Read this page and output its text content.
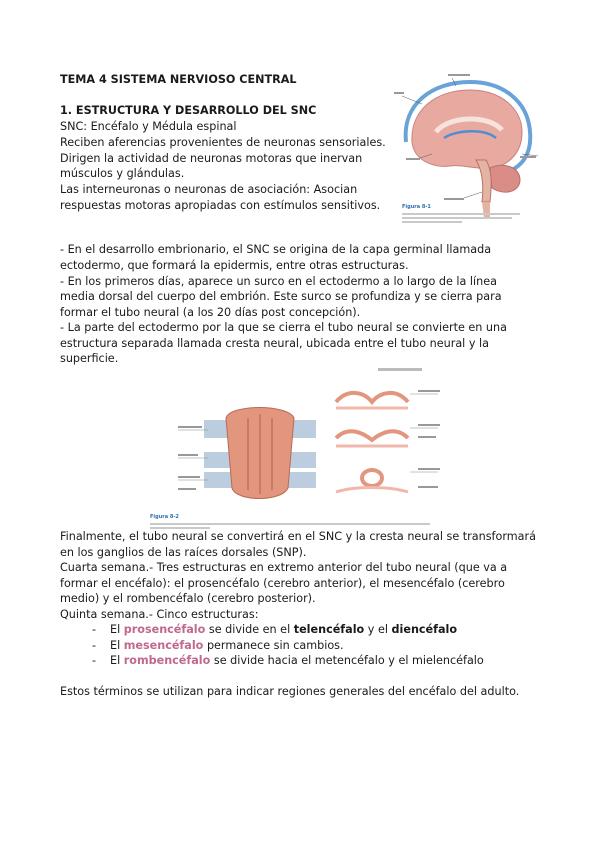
TEMA 4 SISTEMA NERVIOSO CENTRAL
1. ESTRUCTURA Y DESARROLLO DEL SNC
SNC: Encéfalo y Médula espinal
Reciben aferencias provenientes de neuronas sensoriales.
Dirigen la actividad de neuronas motoras que inervan
músculos y glándulas.
Las interneuronas o neuronas de asociación: Asocian
respuestas motoras apropiadas con estímulos sensitivos.	Figura 8-1
- En el desarrollo embrionario, el SNC se origina de la capa germinal llamada
ectodermo, que formará la epidermis, entre otras estructuras.
- En los primeros días, aparece un surco en el ectodermo a lo largo de la línea
media dorsal del cuerpo del embrión. Este surco se profundiza y se cierra para
formar el tubo neural (a los 20 días post concepción).
- La parte del ectodermo por la que se cierra el tubo neural se convierte en una
estructura separada llamada cresta neural, ubicada entre el tubo neural y la
superficie.
Figura 8-2
Finalmente, el tubo neural se convertirá en el SNC y la cresta neural se transformará
en los ganglios de las raíces dorsales (SNP).
Cuarta semana.- Tres estructuras en extremo anterior del tubo neural (que va a
formar el encéfalo): el prosencéfalo (cerebro anterior), el mesencéfalo (cerebro
medio) y el rombencéfalo (cerebro posterior).
Quinta semana.- Cinco estructuras:
- El prosencéfalo se divide en el telencéfalo y el diencéfalo
- El mesencéfalo permanece sin cambios.
- El rombencéfalo se divide hacia el metencéfalo y el mielencéfalo
Estos términos se utilizan para indicar regiones generales del encéfalo del adulto.
